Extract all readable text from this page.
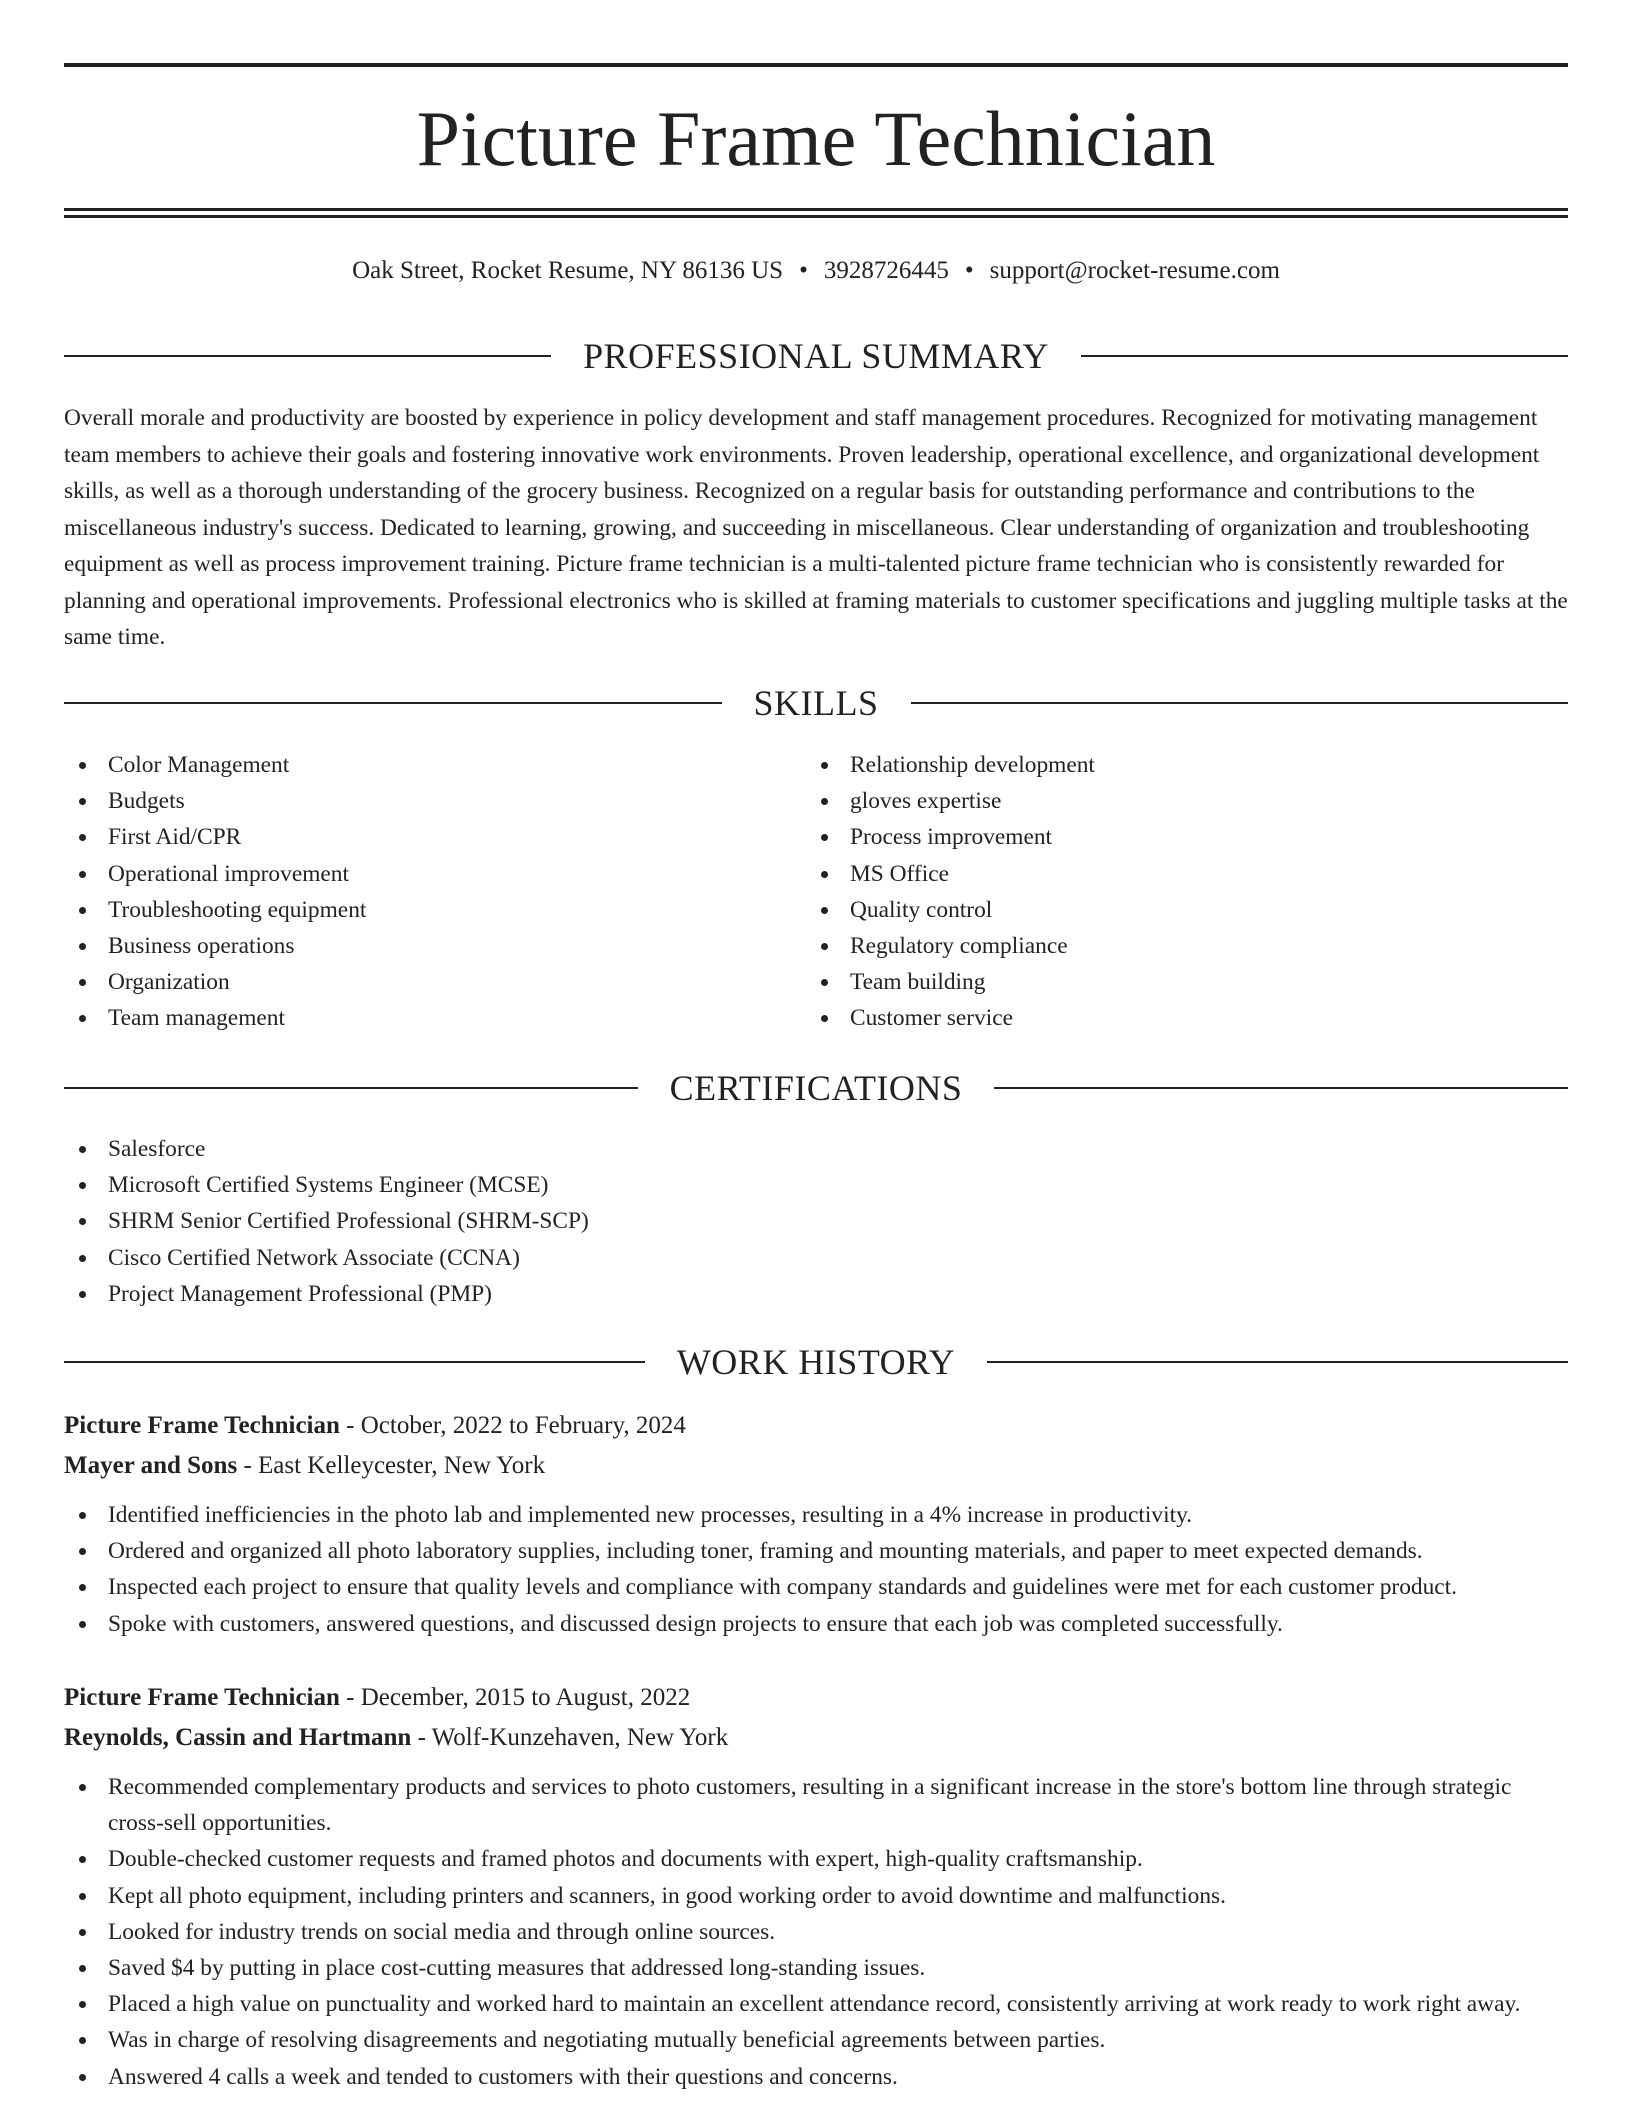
Picture Frame Technician
Oak Street, Rocket Resume, NY 86136 US • 3928726445 • support@rocket-resume.com
PROFESSIONAL SUMMARY

Overall morale and productivity are boosted by experience in policy development and staff management procedures. Recognized for motivating management team members to achieve their goals and fostering innovative work environments. Proven leadership, operational excellence, and organizational development skills, as well as a thorough understanding of the grocery business. Recognized on a regular basis for outstanding performance and contributions to the miscellaneous industry's success. Dedicated to learning, growing, and succeeding in miscellaneous. Clear understanding of organization and troubleshooting equipment as well as process improvement training. Picture frame technician is a multi-talented picture frame technician who is consistently rewarded for planning and operational improvements. Professional electronics who is skilled at framing materials to customer specifications and juggling multiple tasks at the same time.

SKILLS
Color Management
Budgets
First Aid/CPR
Operational improvement
Troubleshooting equipment
Business operations
Organization
Team management
Relationship development
gloves expertise
Process improvement
MS Office
Quality control
Regulatory compliance
Team building
Customer service
CERTIFICATIONS
Salesforce
Microsoft Certified Systems Engineer (MCSE)
SHRM Senior Certified Professional (SHRM-SCP)
Cisco Certified Network Associate (CCNA)
Project Management Professional (PMP)
WORK HISTORY
Picture Frame Technician - October, 2022 to February, 2024
Mayer and Sons - East Kelleycester, New York
Identified inefficiencies in the photo lab and implemented new processes, resulting in a 4% increase in productivity.
Ordered and organized all photo laboratory supplies, including toner, framing and mounting materials, and paper to meet expected demands.
Inspected each project to ensure that quality levels and compliance with company standards and guidelines were met for each customer product.
Spoke with customers, answered questions, and discussed design projects to ensure that each job was completed successfully.
Picture Frame Technician - December, 2015 to August, 2022
Reynolds, Cassin and Hartmann - Wolf-Kunzehaven, New York
Recommended complementary products and services to photo customers, resulting in a significant increase in the store's bottom line through strategic cross-sell opportunities.
Double-checked customer requests and framed photos and documents with expert, high-quality craftsmanship.
Kept all photo equipment, including printers and scanners, in good working order to avoid downtime and malfunctions.
Looked for industry trends on social media and through online sources.
Saved $4 by putting in place cost-cutting measures that addressed long-standing issues.
Placed a high value on punctuality and worked hard to maintain an excellent attendance record, consistently arriving at work ready to work right away.
Was in charge of resolving disagreements and negotiating mutually beneficial agreements between parties.
Answered 4 calls a week and tended to customers with their questions and concerns.
